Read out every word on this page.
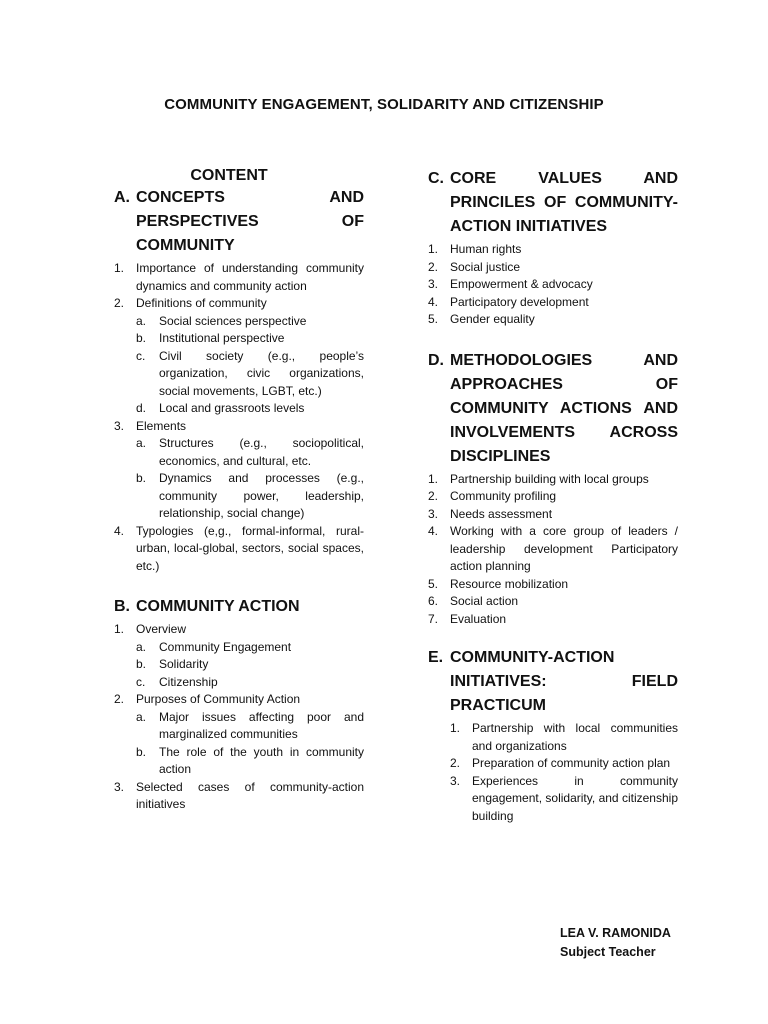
COMMUNITY ENGAGEMENT, SOLIDARITY AND CITIZENSHIP
CONTENT
A. CONCEPTS AND
PERSPECTIVES OF
COMMUNITY
1. Importance of understanding community dynamics and community action
2. Definitions of community
a.	Social sciences perspective
b.	Institutional perspective
c.	Civil society (e.g., people’s organization, civic organizations, social movements, LGBT, etc.)
d.	Local and grassroots levels
3. Elements
a.	Structures (e.g., sociopolitical, economics, and cultural, etc.
b.	Dynamics and processes (e.g., community power, leadership, relationship, social change)
4. Typologies (e,g., formal-informal, rural-urban, local-global, sectors, social spaces, etc.)
B. COMMUNITY ACTION
1. Overview
a.	Community Engagement
b.	Solidarity
c.	Citizenship
2. Purposes of Community Action
a.	Major issues affecting poor and marginalized communities
b.	The role of the youth in community action
3. Selected cases of community-action initiatives
C. CORE VALUES AND
PRINCILES OF COMMUNITY-
ACTION INITIATIVES
1. Human rights
2. Social justice
3. Empowerment & advocacy
4. Participatory development
5. Gender equality
D. METHODOLOGIES AND
APPROACHES OF
COMMUNITY ACTIONS AND
INVOLVEMENTS ACROSS
DISCIPLINES
1. Partnership building with local groups
2. Community profiling
3. Needs assessment
4. Working with a core group of leaders / leadership development Participatory action planning
5. Resource mobilization
6. Social action
7. Evaluation
E. COMMUNITY-ACTION
INITIATIVES: FIELD
PRACTICUM
1. Partnership with local communities and organizations
2. Preparation of community action plan
3. Experiences in community engagement, solidarity, and citizenship building
LEA V. RAMONIDA
Subject Teacher
